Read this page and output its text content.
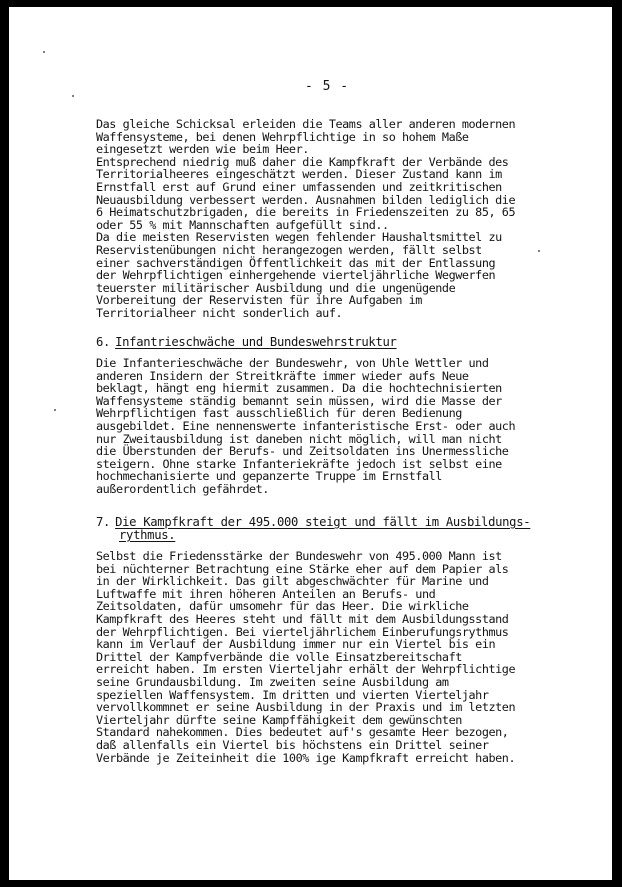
- 5 -
Das gleiche Schicksal erleiden die Teams aller anderen modernen
Waffensysteme, bei denen Wehrpflichtige in so hohem Maße
eingesetzt werden wie beim Heer.
Entsprechend niedrig muß daher die Kampfkraft der Verbände des
Territorialheeres eingeschätzt werden. Dieser Zustand kann im
Ernstfall erst auf Grund einer umfassenden und zeitkritischen
Neuausbildung verbessert werden. Ausnahmen bilden lediglich die
6 Heimatschutzbrigaden, die bereits in Friedenszeiten zu 85, 65
oder 55 % mit Mannschaften aufgefüllt sind..
Da die meisten Reservisten wegen fehlender Haushaltsmittel zu
Reservistenübungen nicht herangezogen werden, fällt selbst
einer sachverständigen Öffentlichkeit das mit der Entlassung
der Wehrpflichtigen einhergehende vierteljährliche Wegwerfen
teuerster militärischer Ausbildung und die ungenügende
Vorbereitung der Reservisten für ihre Aufgaben im
Territorialheer nicht sonderlich auf.
6. Infantrieschwäche und Bundeswehrstruktur
Die Infanterieschwäche der Bundeswehr, von Uhle Wettler und
anderen Insidern der Streitkräfte immer wieder aufs Neue
beklagt, hängt eng hiermit zusammen. Da die hochtechnisierten
Waffensysteme ständig bemannt sein müssen, wird die Masse der
Wehrpflichtigen fast ausschließlich für deren Bedienung
ausgebildet. Eine nennenswerte infanteristische Erst- oder auch
nur Zweitausbildung ist daneben nicht möglich, will man nicht
die Überstunden der Berufs- und Zeitsoldaten ins Unermessliche
steigern. Ohne starke Infanteriekräfte jedoch ist selbst eine
hochmechanisierte und gepanzerte Truppe im Ernstfall
außerordentlich gefährdet.
7. Die Kampfkraft der 495.000 steigt und fällt im Ausbildungs-
rythmus.
Selbst die Friedensstärke der Bundeswehr von 495.000 Mann ist
bei nüchterner Betrachtung eine Stärke eher auf dem Papier als
in der Wirklichkeit. Das gilt abgeschwächter für Marine und
Luftwaffe mit ihren höheren Anteilen an Berufs- und
Zeitsoldaten, dafür umsomehr für das Heer. Die wirkliche
Kampfkraft des Heeres steht und fällt mit dem Ausbildungsstand
der Wehrpflichtigen. Bei vierteljährlichem Einberufungsrythmus
kann im Verlauf der Ausbildung immer nur ein Viertel bis ein
Drittel der Kampfverbände die volle Einsatzbereitschaft
erreicht haben. Im ersten Vierteljahr erhält der Wehrpflichtige
seine Grundausbildung. Im zweiten seine Ausbildung am
speziellen Waffensystem. Im dritten und vierten Vierteljahr
vervollkommnet er seine Ausbildung in der Praxis und im letzten
Vierteljahr dürfte seine Kampffähigkeit dem gewünschten
Standard nahekommen. Dies bedeutet auf's gesamte Heer bezogen,
daß allenfalls ein Viertel bis höchstens ein Drittel seiner
Verbände je Zeiteinheit die 100% ige Kampfkraft erreicht haben.
